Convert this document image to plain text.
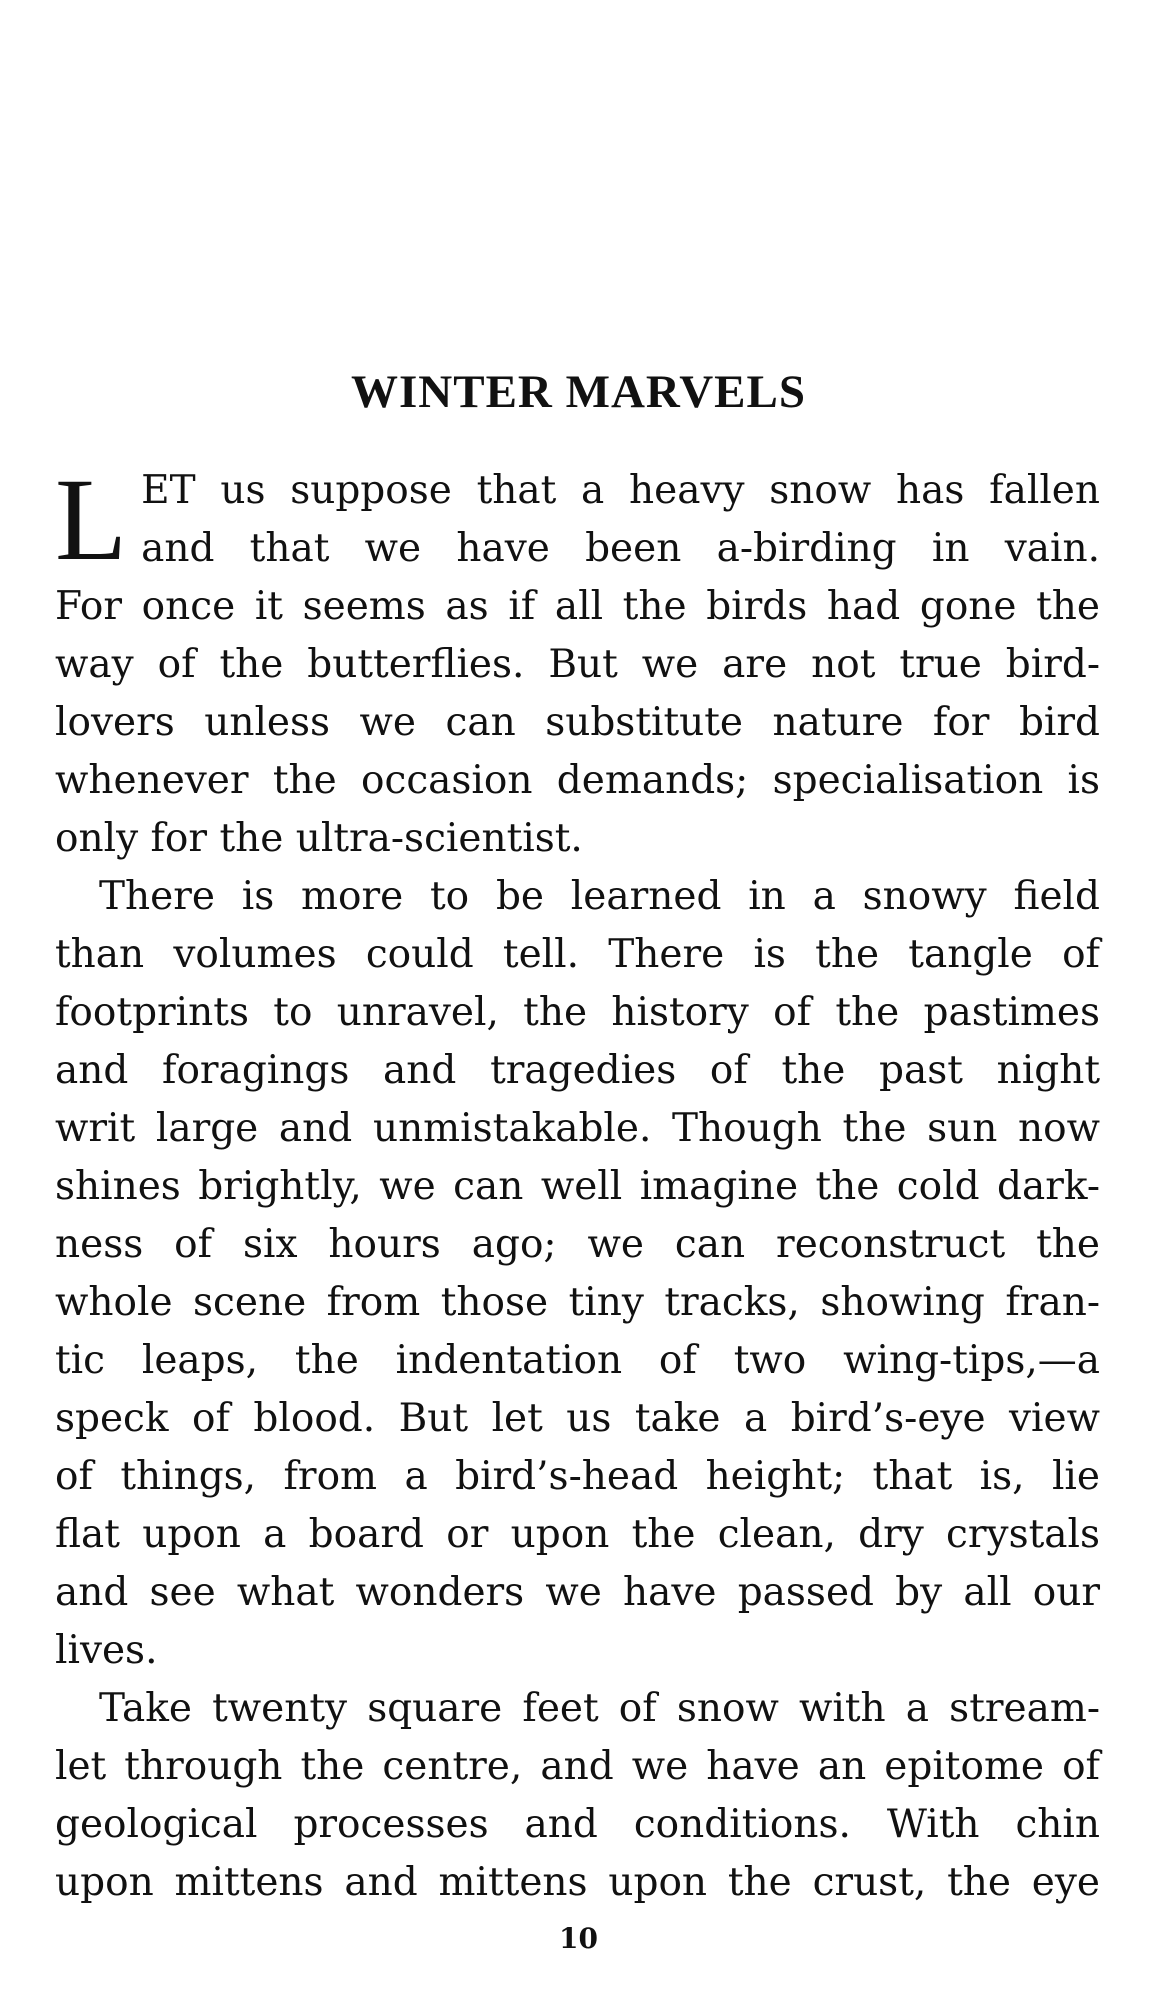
WINTER MARVELS
L ET us suppose that a heavy snow has fallen
and that we have been a-birding in vain.
For once it seems as if all the birds had gone the
way of the butterflies. But we are not true bird-
lovers unless we can substitute nature for bird
whenever the occasion demands; specialisation is
only for the ultra-scientist.

There is more to be learned in a snowy field
than volumes could tell. There is the tangle of
footprints to unravel, the history of the pastimes
and foragings and tragedies of the past night
writ large and unmistakable. Though the sun now
shines brightly, we can well imagine the cold dark-
ness of six hours ago; we can reconstruct the
whole scene from those tiny tracks, showing fran-
tic leaps, the indentation of two wing-tips,—a
speck of blood. But let us take a bird’s-eye view
of things, from a bird’s-head height; that is, lie
flat upon a board or upon the clean, dry crystals
and see what wonders we have passed by all our
lives.

Take twenty square feet of snow with a stream-
let through the centre, and we have an epitome of
geological processes and conditions. With chin
upon mittens and mittens upon the crust, the eye

10
